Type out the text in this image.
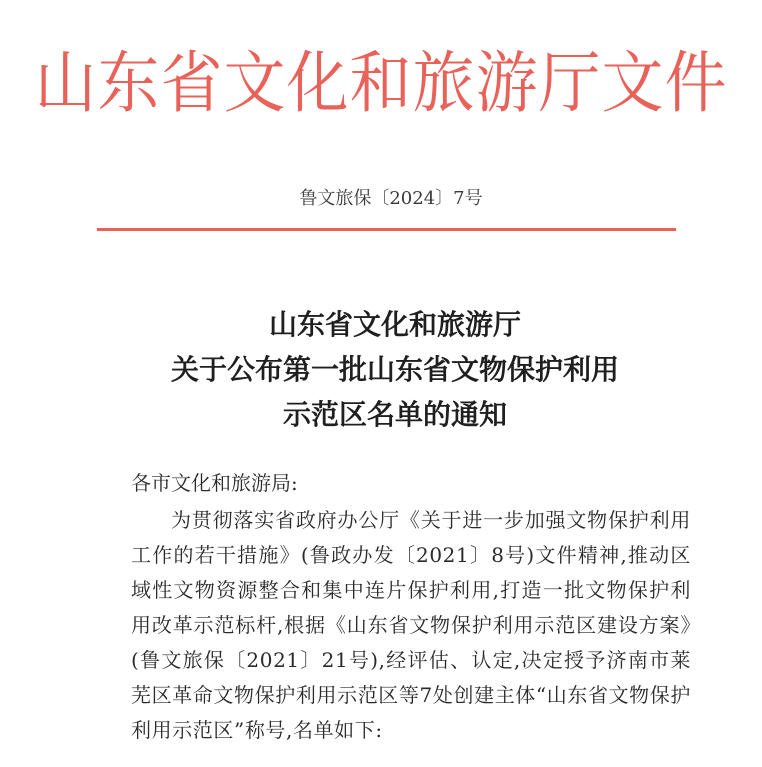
山东省文化和旅游厅文件
鲁文旅保〔2024〕7号
山东省文化和旅游厅
关于公布第一批山东省文物保护利用
示范区名单的通知

各市文化和旅游局:

为贯彻落实省政府办公厅《关于进一步加强文物保护利用工作的若干措施》(鲁政办发〔2021〕8号)文件精神,推动区域性文物资源整合和集中连片保护利用,打造一批文物保护利用改革示范标杆,根据《山东省文物保护利用示范区建设方案》(鲁文旅保〔2021〕21号),经评估、认定,决定授予济南市莱芜区革命文物保护利用示范区等7处创建主体“山东省文物保护利用示范区”称号,名单如下:
